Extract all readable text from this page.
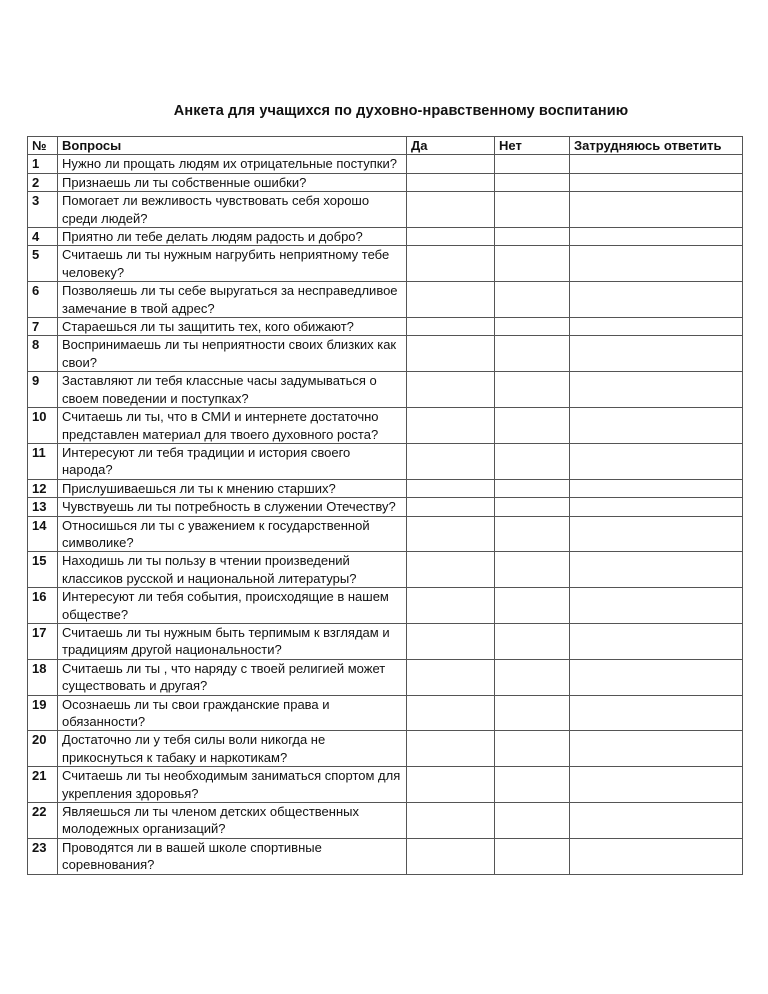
Анкета для учащихся по духовно-нравственному воспитанию
№	Вопросы	Да	Нет	Затрудняюсь ответить
1	Нужно ли прощать людям их отрицательные поступки?			
2	Признаешь ли ты собственные ошибки?			
3	Помогает ли вежливость чувствовать себя хорошо среди людей?			
4	Приятно ли тебе делать людям радость и добро?			
5	Считаешь ли ты нужным нагрубить неприятному тебе человеку?			
6	Позволяешь ли ты себе выругаться за несправедливое замечание в твой адрес?			
7	Стараешься ли ты защитить тех, кого обижают?			
8	Воспринимаешь ли ты неприятности своих близких как свои?			
9	Заставляют ли тебя классные часы задумываться о своем поведении и поступках?			
10	Считаешь ли ты, что в СМИ и интернете достаточно представлен материал для твоего духовного роста?			
11	Интересуют ли тебя традиции и история своего народа?			
12	Прислушиваешься ли ты к мнению старших?			
13	Чувствуешь ли ты потребность в служении Отечеству?			
14	Относишься ли ты с уважением к государственной символике?			
15	Находишь ли ты пользу в чтении произведений классиков русской и национальной литературы?			
16	Интересуют ли тебя события, происходящие в нашем обществе?			
17	Считаешь ли ты нужным быть терпимым к взглядам и традициям другой национальности?			
18	Считаешь ли ты , что наряду с твоей религией может существовать и другая?			
19	Осознаешь ли ты свои гражданские права и обязанности?			
20	Достаточно ли у тебя силы воли никогда не прикоснуться к табаку и наркотикам?			
21	Считаешь ли ты необходимым заниматься спортом для укрепления здоровья?			
22	Являешься ли ты членом детских общественных молодежных организаций?			
23	Проводятся ли в вашей школе спортивные соревнования?			
